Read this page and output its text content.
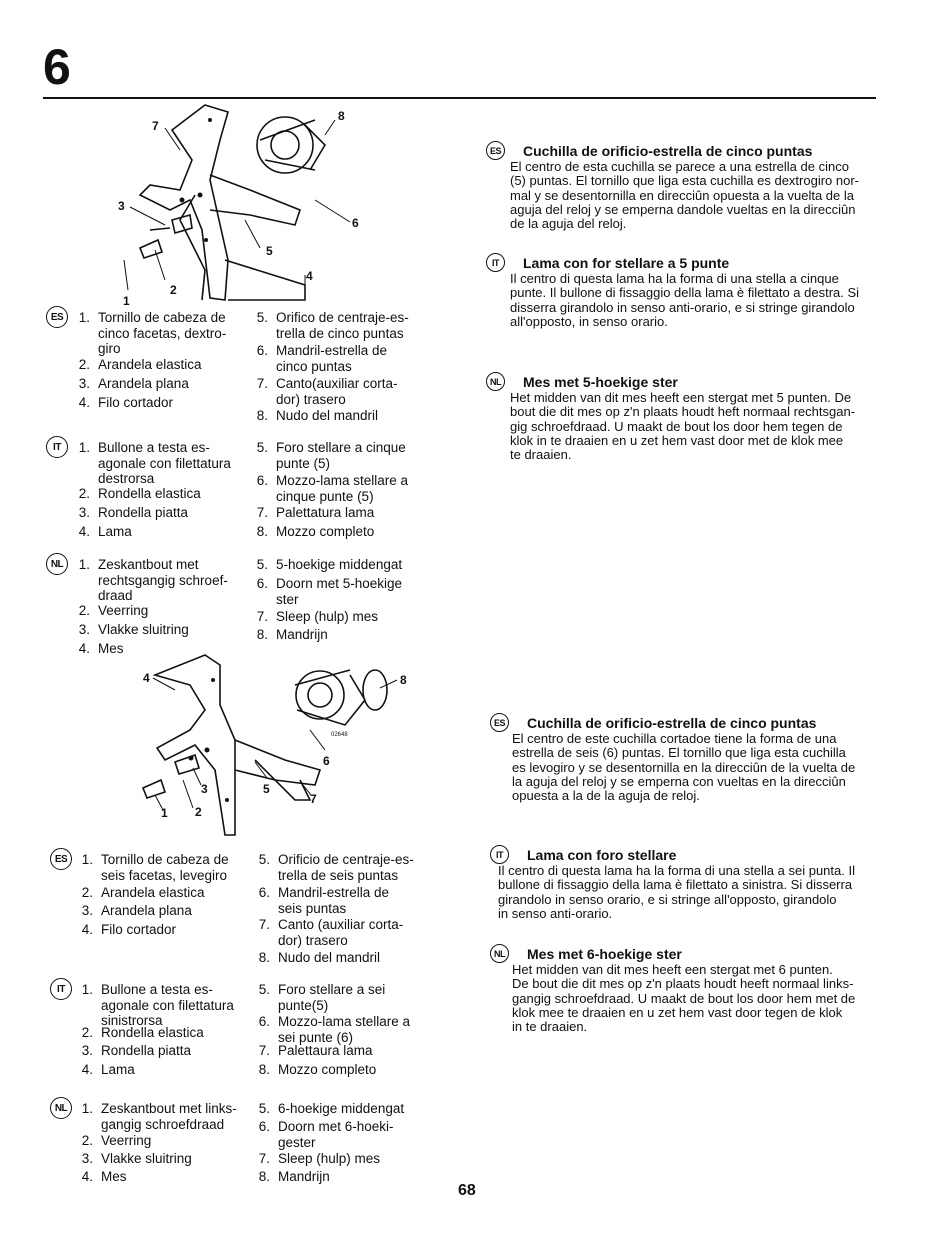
6
7
8
3
6
5
4
2
1
4	8
02648
6
3	5
7
1 2
ES	1. Tornillo de cabeza de
cinco facetas, dextro-
giro
2. Arandela elastica
3. Arandela plana
4. Filo cortador
5. Orifico de centraje-es-
trella de cinco puntas
6. Mandril-estrella de
cinco puntas
7. Canto(auxiliar corta-
dor) trasero
8. Nudo del mandril
IT	1. Bullone a testa es-
agonale con filettatura
destrorsa
2. Rondella elastica
3. Rondella piatta
4. Lama
5. Foro stellare a cinque
punte (5)
6. Mozzo-lama stellare a
cinque punte (5)
7. Palettatura lama
8. Mozzo completo
NL	1. Zeskantbout met
rechtsgangig schroef-
draad
2. Veerring
3. Vlakke sluitring
4. Mes
5. 5-hoekige middengat
6. Doorn met 5-hoekige
ster
7. Sleep (hulp) mes
8. Mandrijn
ES	1. Tornillo de cabeza de
seis facetas, levegiro
2. Arandela elastica
3. Arandela plana
4. Filo cortador
5. Orificio de centraje-es-
trella de seis puntas
6. Mandril-estrella de
seis puntas
7. Canto (auxiliar corta-
dor) trasero
8. Nudo del mandril
IT	1. Bullone a testa es-
agonale con filettatura
sinistrorsa
2. Rondella elastica
3. Rondella piatta
4. Lama
5. Foro stellare a sei
punte(5)
6. Mozzo-lama stellare a
sei punte (6)
7. Palettaura lama
8. Mozzo completo
NL	1. Zeskantbout met links-
gangig schroefdraad
2. Veerring
3. Vlakke sluitring
4. Mes
5. 6-hoekige middengat
6. Doorn met 6-hoeki-
gester
7. Sleep (hulp) mes
8. Mandrijn
ES Cuchilla de orificio-estrella de cinco puntas
El centro de esta cuchilla se parece a una estrella de cinco
(5) puntas. El tornillo que liga esta cuchilla es dextrogiro nor-
mal y se desentornilla en direcciûn opuesta a la vuelta de la
aguja del reloj y se emperna dandole vueltas en la direcciûn
de la aguja del reloj.
IT	Lama con for stellare a 5 punte
Il centro di questa lama ha la forma di una stella a cinque
punte. Il bullone di fissaggio della lama è filettato a destra. Si
disserra girandolo in senso anti-orario, e si stringe girandolo
all'opposto, in senso orario.
NL Mes met 5-hoekige ster
Het midden van dit mes heeft een stergat met 5 punten. De
bout die dit mes op z'n plaats houdt heft normaal rechtsgan-
gig schroefdraad. U maakt de bout los door hem tegen de
klok in te draaien en u zet hem vast door met de klok mee
te draaien.
ES Cuchilla de orificio-estrella de cinco puntas
El centro de este cuchilla cortadoe tiene la forma de una
estrella de seis (6) puntas. El tornillo que liga esta cuchilla
es levogiro y se desentornilla en la direcciûn de la vuelta de
la aguja del reloj y se emperna con vueltas en la direcciûn
opuesta a la de la aguja de reloj.
IT	Lama con foro stellare
Il centro di questa lama ha la forma di una stella a sei punta. Il
bullone di fissaggio della lama è filettato a sinistra. Si disserra
girandolo in senso orario, e si stringe all'opposto, girandolo
in senso anti-orario.
NL Mes met 6-hoekige ster
Het midden van dit mes heeft een stergat met 6 punten.
De bout die dit mes op z'n plaats houdt heeft normaal links-
gangig schroefdraad. U maakt de bout los door hem met de
klok mee te draaien en u zet hem vast door tegen de klok
in te draaien.
68
